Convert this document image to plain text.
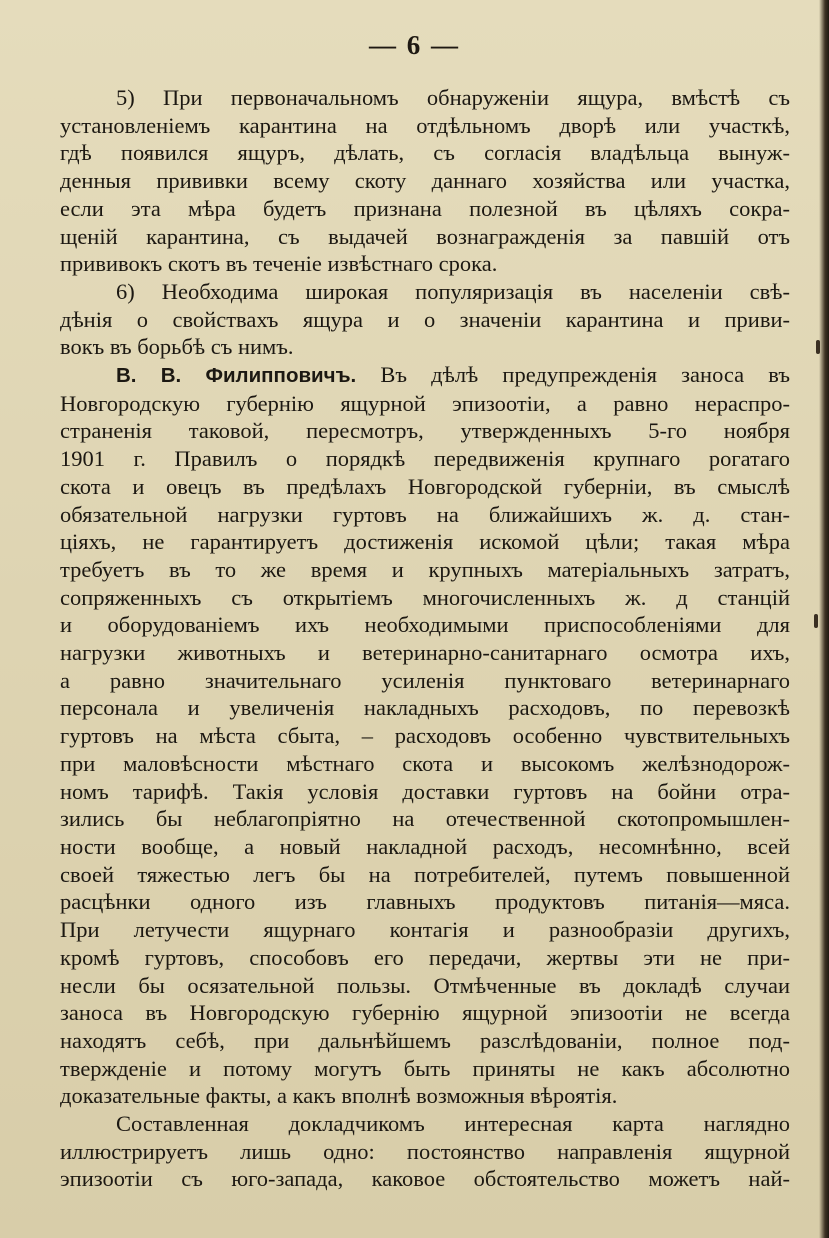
— 6 —
5) При первоначальномъ обнаруженіи ящура, вмѣстѣ съ
установленіемъ карантина на отдѣльномъ дворѣ или участкѣ,
гдѣ появился ящуръ, дѣлать, съ согласія владѣльца вынуж-
денныя прививки всему скоту даннаго хозяйства или участка,
если эта мѣра будетъ признана полезной въ цѣляхъ сокра-
щеній карантина, съ выдачей вознагражденія за павшій отъ
прививокъ скотъ въ теченіе извѣстнаго срока.
6) Необходима широкая популяризація въ населеніи свѣ-
дѣнія о свойствахъ ящура и о значеніи карантина и приви-
вокъ въ борьбѣ съ нимъ.
В. В. Филипповичъ. Въ дѣлѣ предупрежденія заноса въ
Новгородскую губернію ящурной эпизоотіи, а равно нераспро-
страненія таковой, пересмотръ, утвержденныхъ 5-го ноября
1901 г. Правилъ о порядкѣ передвиженія крупнаго рогатаго
скота и овецъ въ предѣлахъ Новгородской губерніи, въ смыслѣ
обязательной нагрузки гуртовъ на ближайшихъ ж. д. стан-
ціяхъ, не гарантируетъ достиженія искомой цѣли; такая мѣра
требуетъ въ то же время и крупныхъ матеріальныхъ затратъ,
сопряженныхъ съ открытіемъ многочисленныхъ ж. д станцій
и оборудованіемъ ихъ необходимыми приспособленіями для
нагрузки животныхъ и ветеринарно-санитарнаго осмотра ихъ,
а равно значительнаго усиленія пунктоваго ветеринарнаго
персонала и увеличенія накладныхъ расходовъ, по перевозкѣ
гуртовъ на мѣста сбыта, – расходовъ особенно чувствительныхъ
при маловѣсности мѣстнаго скота и высокомъ желѣзнодорож-
номъ тарифѣ. Такія условія доставки гуртовъ на бойни отра-
зились бы неблагопріятно на отечественной скотопромышлен-
ности вообще, а новый накладной расходъ, несомнѣнно, всей
своей тяжестью легъ бы на потребителей, путемъ повышенной
расцѣнки одного изъ главныхъ продуктовъ питанія—мяса.
При летучести ящурнаго контагія и разнообразіи другихъ,
кромѣ гуртовъ, способовъ его передачи, жертвы эти не при-
несли бы осязательной пользы. Отмѣченные въ докладѣ случаи
заноса въ Новгородскую губернію ящурной эпизоотіи не всегда
находятъ себѣ, при дальнѣйшемъ разслѣдованіи, полное под-
твержденіе и потому могутъ быть приняты не какъ абсолютно
доказательные факты, а какъ вполнѣ возможныя вѣроятія.
Составленная докладчикомъ интересная карта наглядно
иллюстрируетъ лишь одно: постоянство направленія ящурной
эпизоотіи съ юго-запада, каковое обстоятельство можетъ най-
